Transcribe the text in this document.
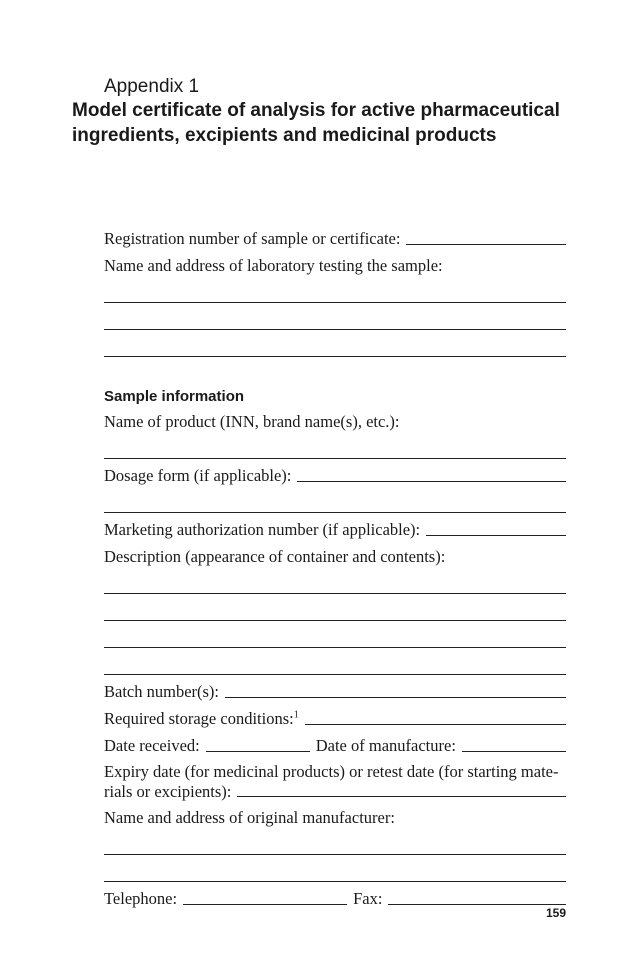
Appendix 1
Model certificate of analysis for active pharmaceutical ingredients, excipients and medicinal products
Registration number of sample or certificate:
Name and address of laboratory testing the sample:
Sample information
Name of product (INN, brand name(s), etc.):
Dosage form (if applicable):
Marketing authorization number (if applicable):
Description (appearance of container and contents):
Batch number(s):
Required storage conditions:$^1$
Date received:	Date of manufacture:
Expiry date (for medicinal products) or retest date (for starting mate-
rials or excipients):
Name and address of original manufacturer:
Telephone:	Fax:
159
